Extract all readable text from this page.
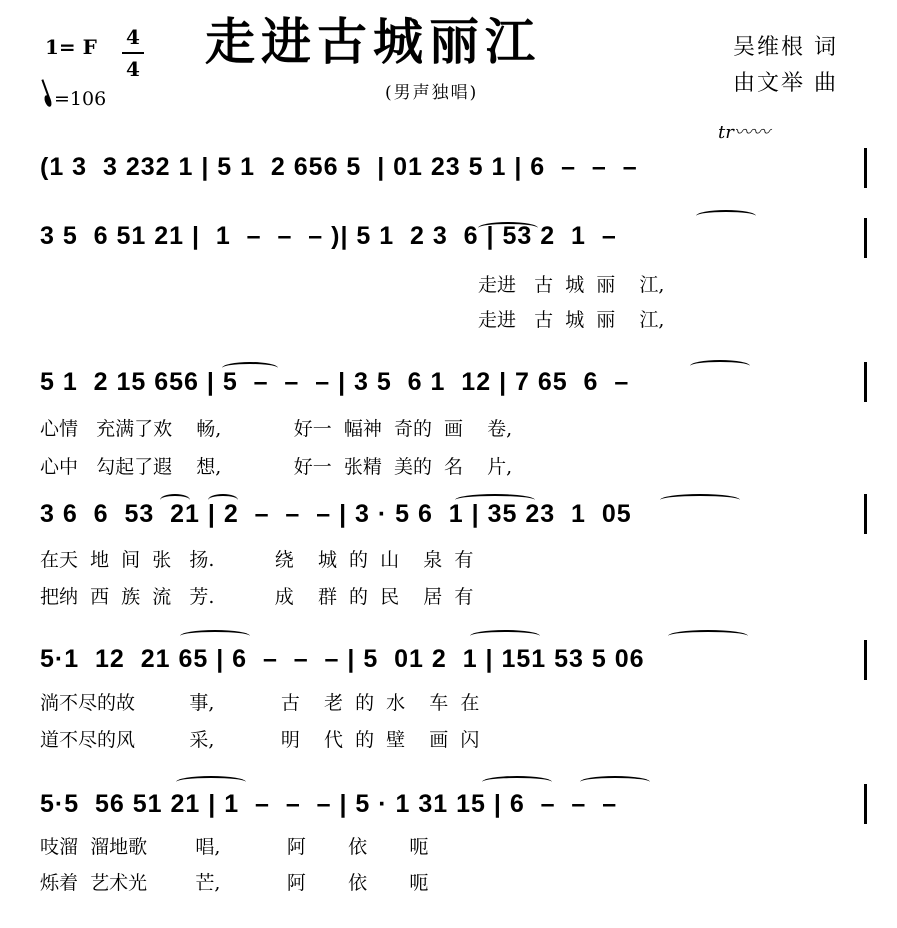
走进古城丽江
(男声独唱)
1= F 4
4
=106
吴维根 词
由文举 曲
tr〰〰
(1 3  3 232 1 | 5 1  2 656 5  | 01 23 5 1 | 6  –  –  –
3 5  6 51 21 |  1  –  –  – )| 5 1  2 3  6 | 53 2  1  –
走进   古  城  丽    江,
走进   古  城  丽    江,
5 1  2 15 656 | 5  –  –  – | 3 5  6 1  12 | 7 65  6  –
心情   充满了欢    畅,            好一  幅神  奇的  画    卷,
心中   勾起了遐    想,            好一  张精  美的  名    片,
3 6  6  53  21 | 2  –  –  – | 3 · 5 6  1 | 35 23  1  05
在天  地  间  张   扬.          绕    城  的  山    泉  有
把纳  西  族  流   芳.          成    群  的  民    居  有
5·1  12  21 65 | 6  –  –  – | 5  01 2  1 | 151 53 5 06
淌不尽的故         事,           古    老  的  水    车  在
道不尽的风         采,           明    代  的  壁    画  闪
5·5  56 51 21 | 1  –  –  – | 5 · 1 31 15 | 6  –  –  –
吱溜  溜地歌        唱,           阿       依       呃
烁着  艺术光        芒,           阿       依       呃
